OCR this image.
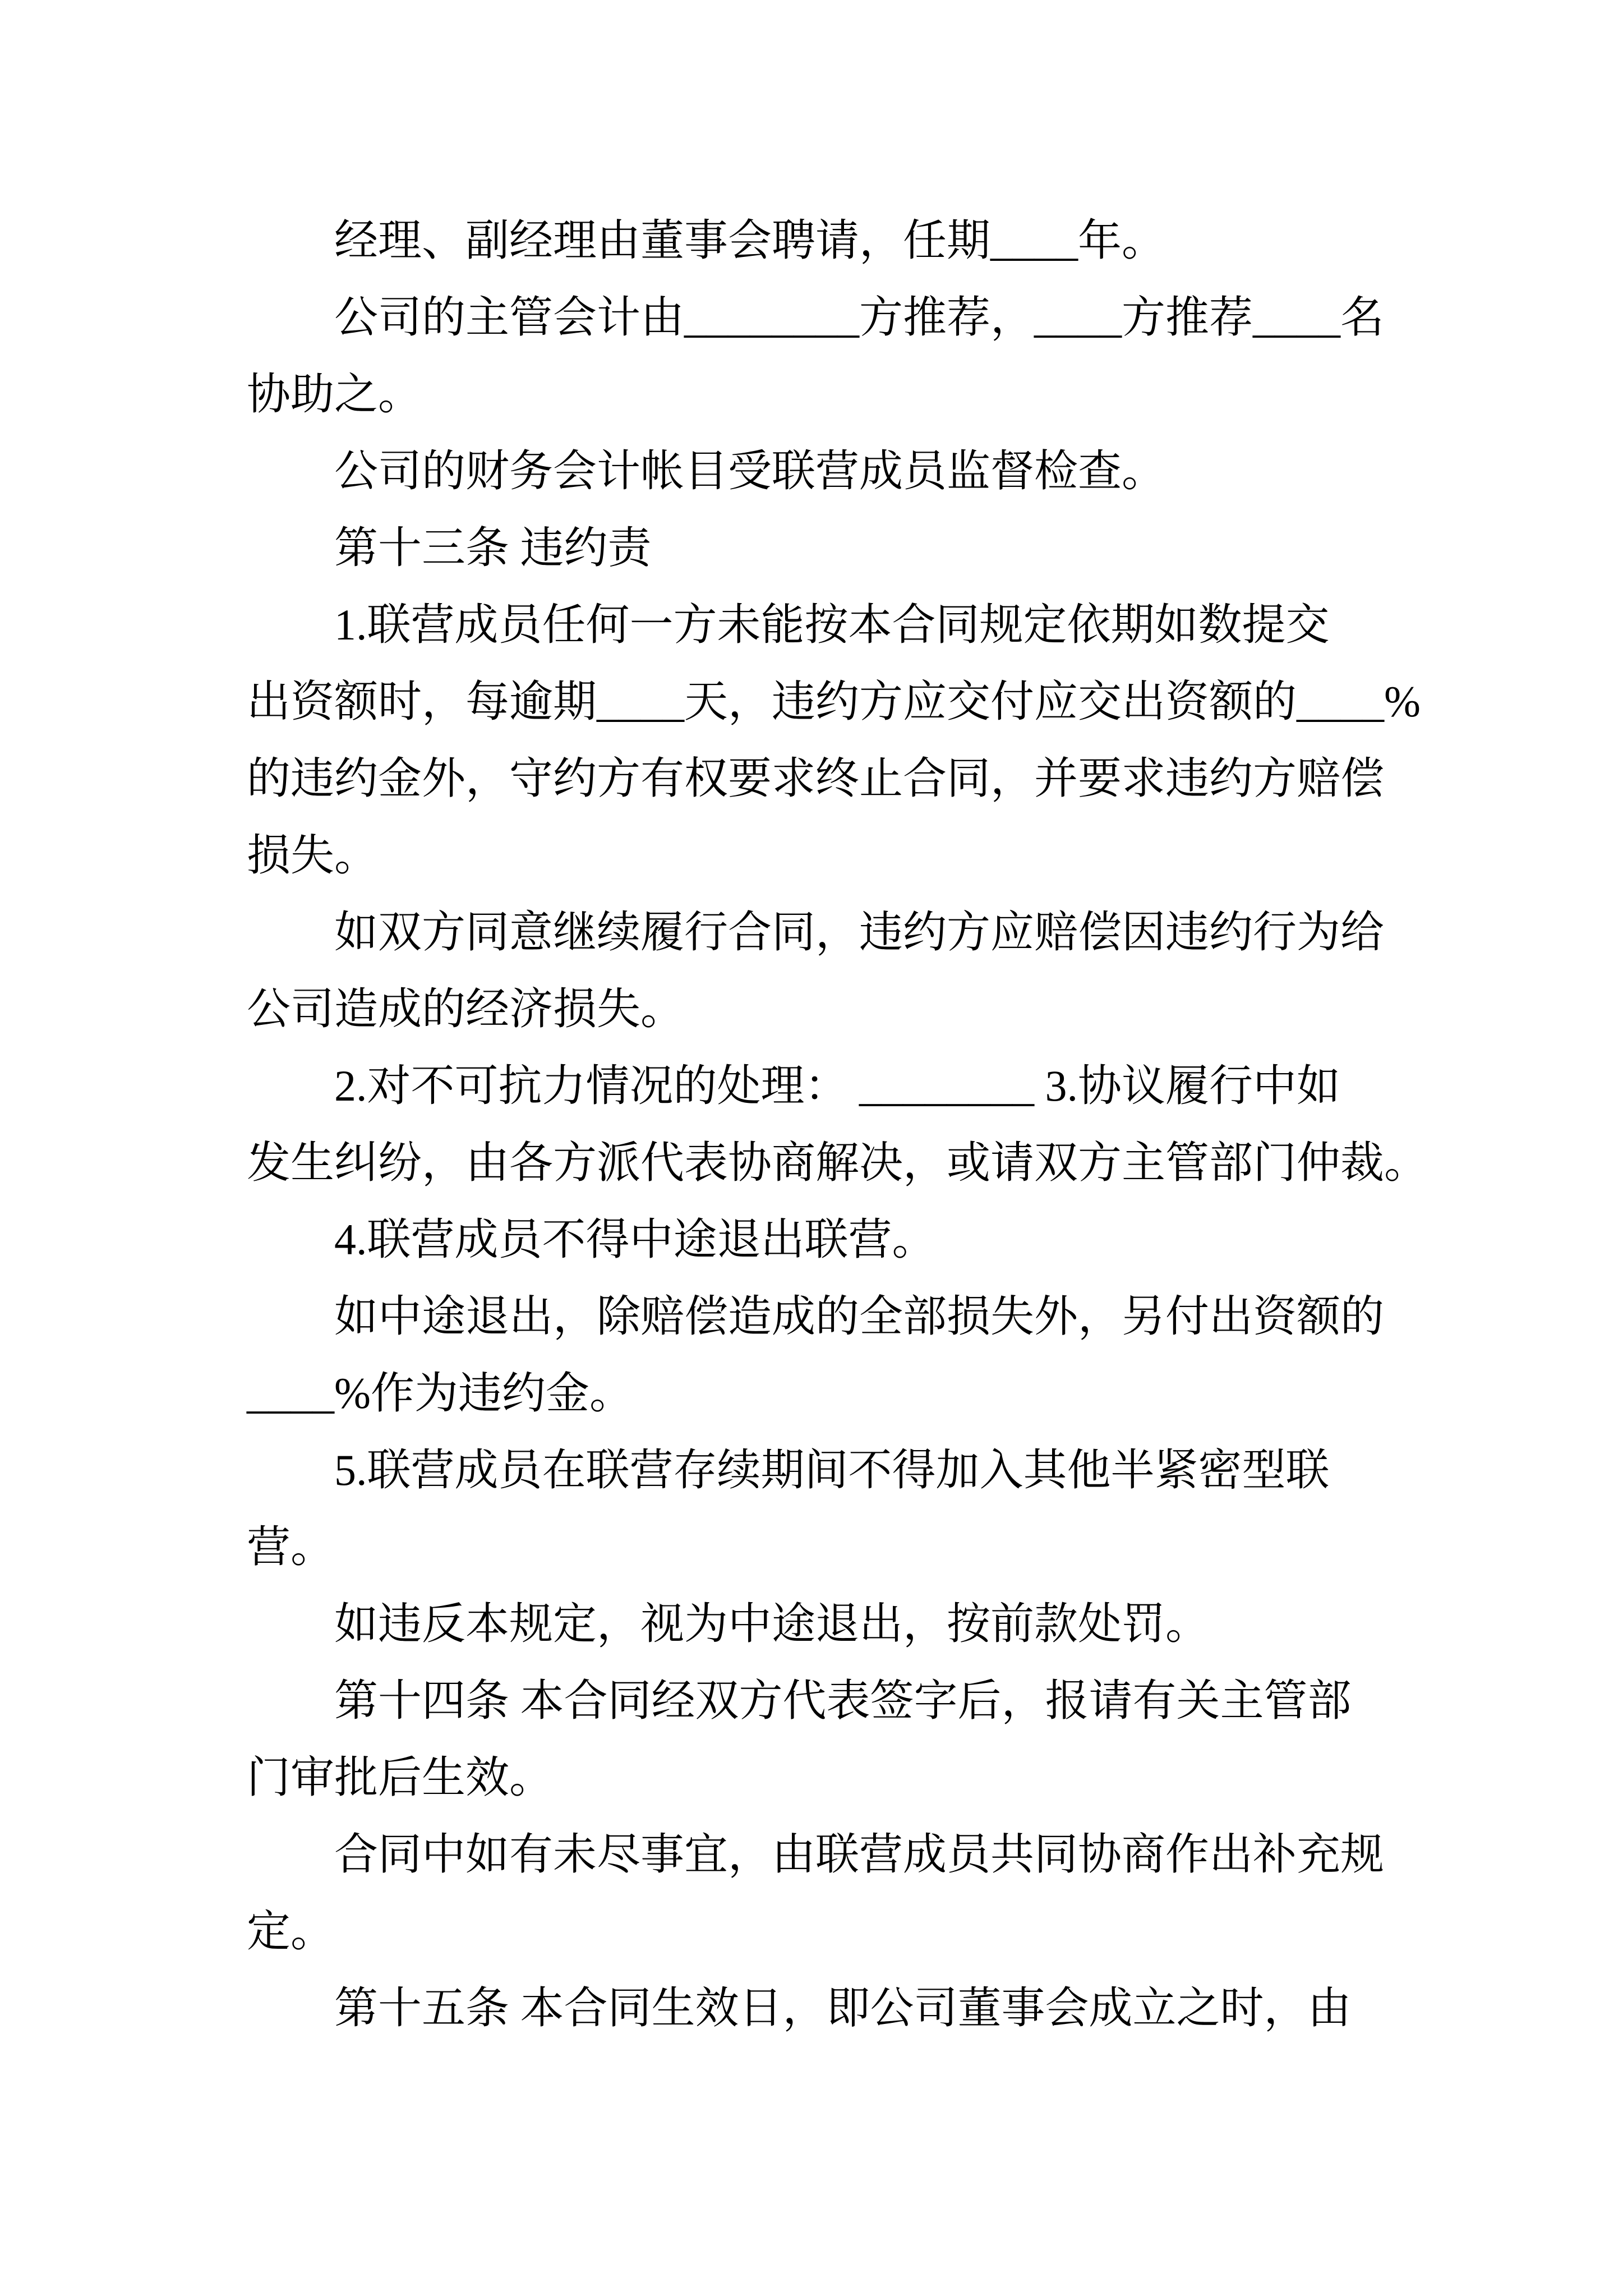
经理、副经理由董事会聘请，任期____年。
公司的主管会计由________方推荐，____方推荐____名
协助之。
公司的财务会计帐目受联营成员监督检查。
第十三条 违约责
1.联营成员任何一方未能按本合同规定依期如数提交
出资额时，每逾期____天，违约方应交付应交出资额的____%
的违约金外，守约方有权要求终止合同，并要求违约方赔偿
损失。
如双方同意继续履行合同，违约方应赔偿因违约行为给
公司造成的经济损失。
2.对不可抗力情况的处理： ________ 3.协议履行中如
发生纠纷，由各方派代表协商解决，或请双方主管部门仲裁。
4.联营成员不得中途退出联营。
如中途退出，除赔偿造成的全部损失外，另付出资额的
____%作为违约金。
5.联营成员在联营存续期间不得加入其他半紧密型联
营。
如违反本规定，视为中途退出，按前款处罚。
第十四条 本合同经双方代表签字后，报请有关主管部
门审批后生效。
合同中如有未尽事宜，由联营成员共同协商作出补充规
定。
第十五条 本合同生效日，即公司董事会成立之时，由
